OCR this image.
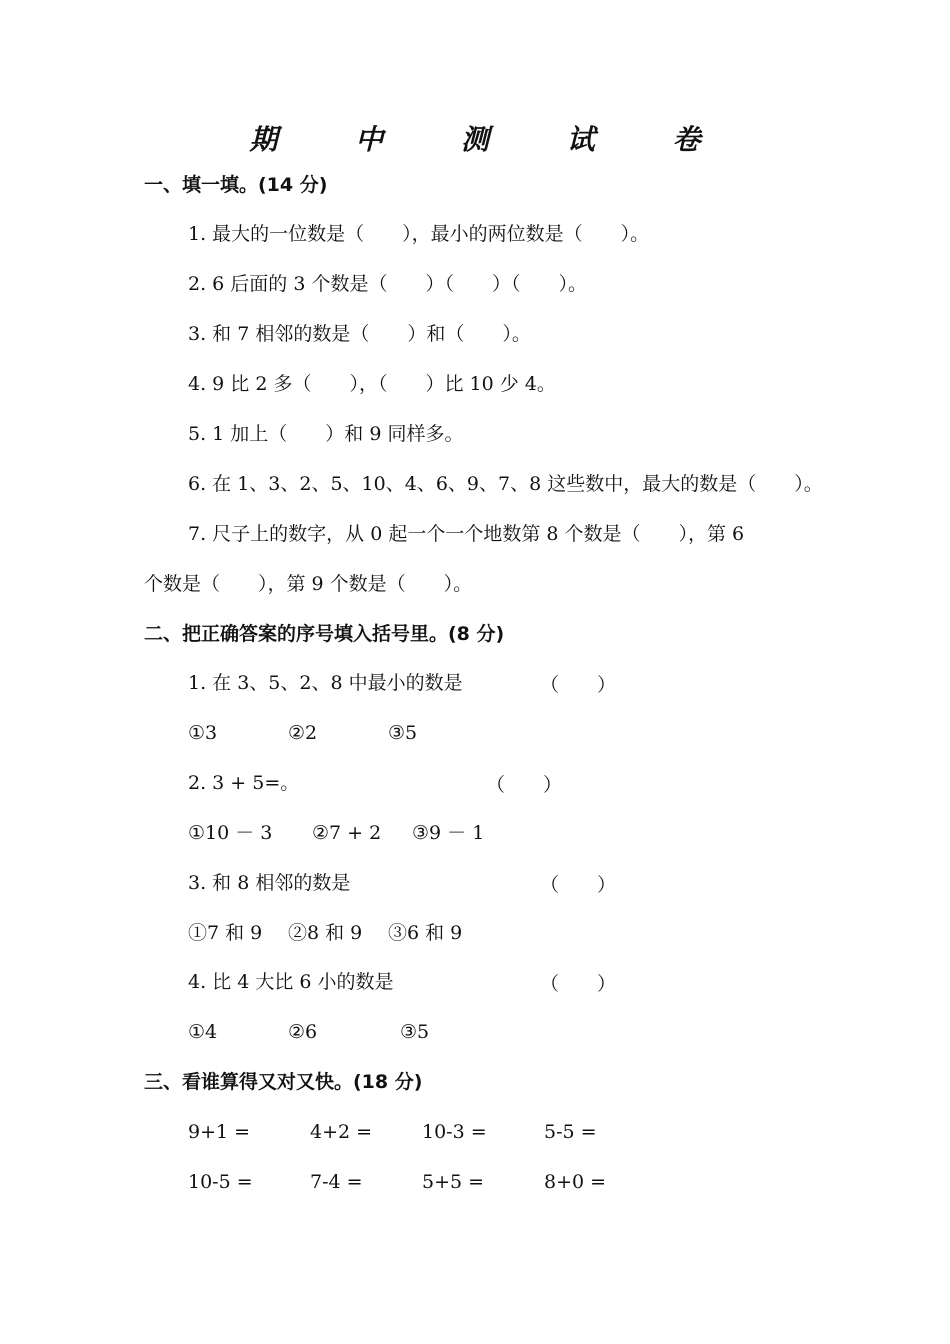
期 中 测 试 卷
一、填一填。(14 分)
1. 最大的一位数是（　　），最小的两位数是（　　）。
2. 6 后面的 3 个数是（　　）（　　）（　　）。
3. 和 7 相邻的数是（　　）和（　　）。
4. 9 比 2 多（　　），（　　）比 10 少 4。
5. 1 加上（　　）和 9 同样多。
6. 在 1、3、2、5、10、4、6、9、7、8 这些数中，最大的数是（　　）。
7. 尺子上的数字，从 0 起一个一个地数第 8 个数是（　　），第 6
个数是（　　），第 9 个数是（　　）。
二、把正确答案的序号填入括号里。(8 分)
1. 在 3、5、2、8 中最小的数是	（　　）
①3	②2	③5
2. 3 + 5=。	（　　）
①10 － 3 ②7 + 2 ③9 － 1
3. 和 8 相邻的数是	（　　）
①7 和 9 ②8 和 9 ③6 和 9
4. 比 4 大比 6 小的数是	（　　）
①4	②6	③5
三、看谁算得又对又快。(18 分)
9+1 =	4+2 =	10-3 =	5-5 =
10-5 =	7-4 =	5+5 =	8+0 =
